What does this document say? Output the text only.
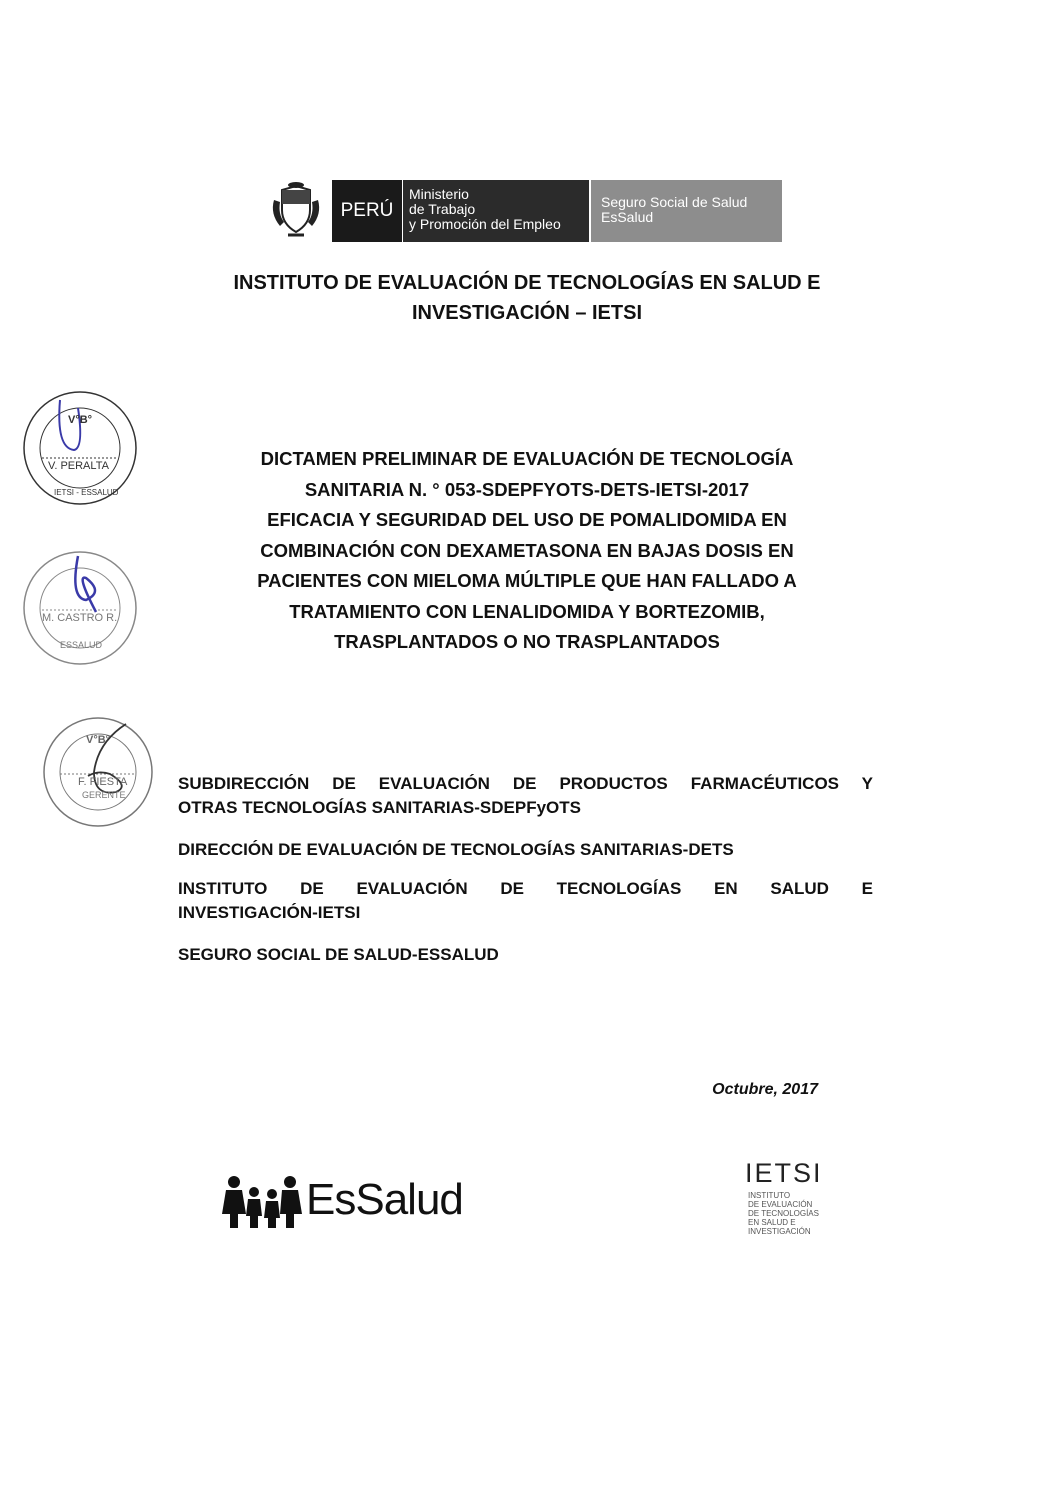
PERÚ
Ministerio
de Trabajo
y Promoción del Empleo
Seguro Social de Salud
EsSalud
INSTITUTO DE EVALUACIÓN DE TECNOLOGÍAS EN SALUD E
INVESTIGACIÓN – IETSI
DICTAMEN PRELIMINAR DE EVALUACIÓN DE TECNOLOGÍA
SANITARIA N. ° 053-SDEPFYOTS-DETS-IETSI-2017
EFICACIA Y SEGURIDAD DEL USO DE POMALIDOMIDA EN
COMBINACIÓN CON DEXAMETASONA EN BAJAS DOSIS EN
PACIENTES CON MIELOMA MÚLTIPLE QUE HAN FALLADO A
TRATAMIENTO CON LENALIDOMIDA Y BORTEZOMIB,
TRASPLANTADOS O NO TRASPLANTADOS
V°B°
V. PERALTA
IETSI - ESSALUD
M. CASTRO R.
ESSALUD
V°B°
F. FIESTA
GERENTE
SUBDIRECCIÓN DE EVALUACIÓN DE PRODUCTOS FARMACÉUTICOS Y
OTRAS TECNOLOGÍAS SANITARIAS-SDEPFyOTS
DIRECCIÓN DE EVALUACIÓN DE TECNOLOGÍAS SANITARIAS-DETS
INSTITUTO DE EVALUACIÓN DE TECNOLOGÍAS EN SALUD E
INVESTIGACIÓN-IETSI
SEGURO SOCIAL DE SALUD-ESSALUD
Octubre, 2017
EsSalud
IETSI
INSTITUTO
DE EVALUACIÓN
DE TECNOLOGÍAS
EN SALUD E
INVESTIGACIÓN
